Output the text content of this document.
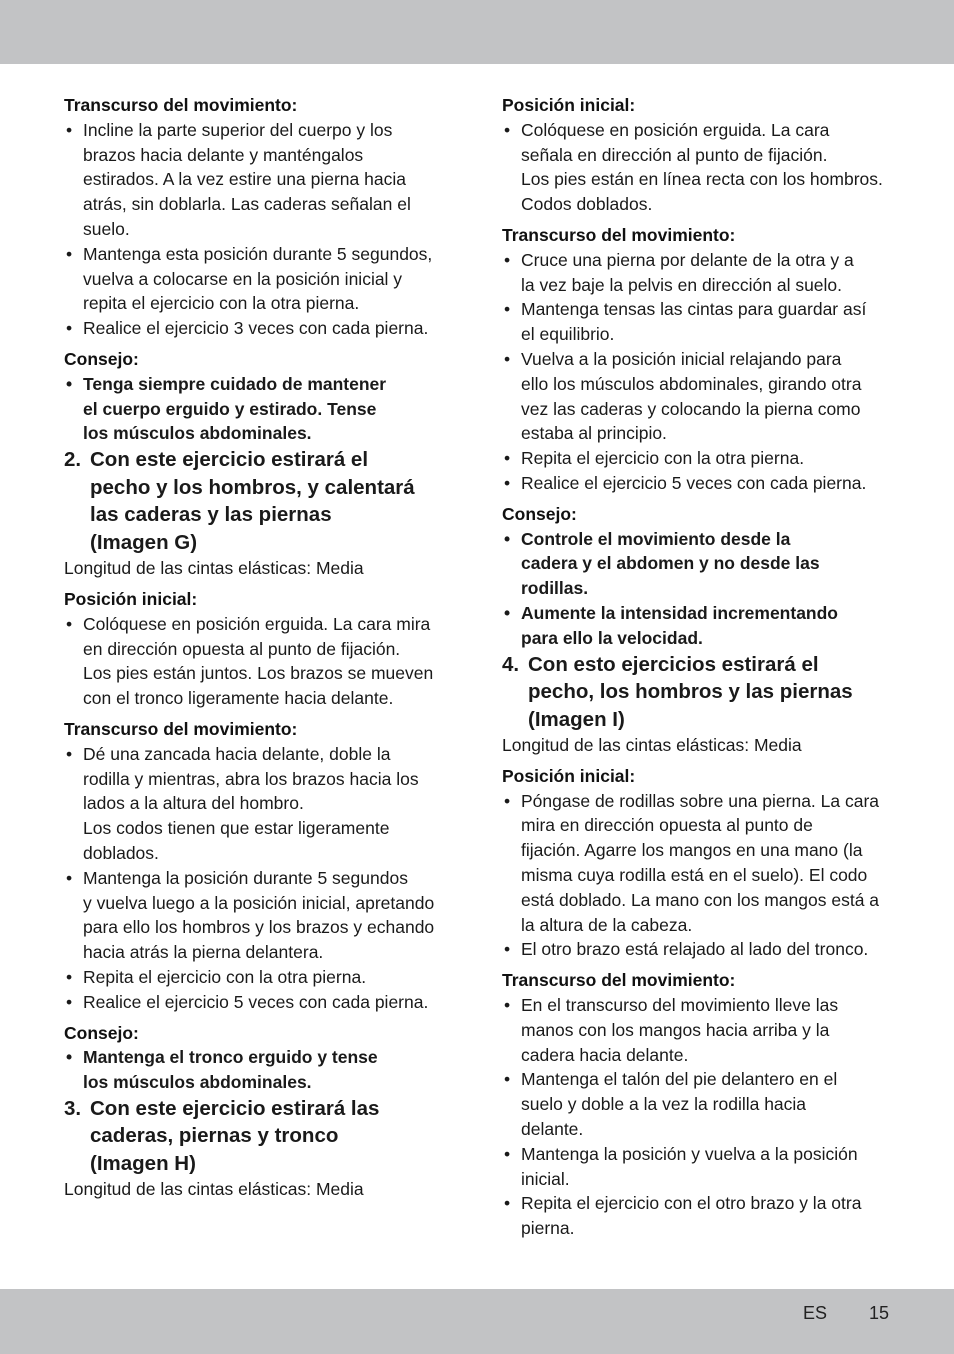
Transcurso del movimiento:

• Incline la parte superior del cuerpo y los
brazos hacia delante y manténgalos
estirados. A la vez estire una pierna hacia
atrás, sin doblarla. Las caderas señalan el
suelo.
• Mantenga esta posición durante 5 segundos,
vuelva a colocarse en la posición inicial y
repita el ejercicio con la otra pierna.
• Realice el ejercicio 3 veces con cada pierna.

Consejo:

• Tenga siempre cuidado de mantener
el cuerpo erguido y estirado. Tense
los músculos abdominales.

2. Con este ejercicio estirará el
pecho y los hombros, y calentará
las caderas y las piernas
(Imagen G)

Longitud de las cintas elásticas: Media

Posición inicial:

• Colóquese en posición erguida. La cara mira
en dirección opuesta al punto de fijación.
Los pies están juntos. Los brazos se mueven
con el tronco ligeramente hacia delante.

Transcurso del movimiento:

• Dé una zancada hacia delante, doble la
rodilla y mientras, abra los brazos hacia los
lados a la altura del hombro.
Los codos tienen que estar ligeramente
doblados.
• Mantenga la posición durante 5 segundos
y vuelva luego a la posición inicial, apretando
para ello los hombros y los brazos y echando
hacia atrás la pierna delantera.
• Repita el ejercicio con la otra pierna.
• Realice el ejercicio 5 veces con cada pierna.

Consejo:

• Mantenga el tronco erguido y tense
los músculos abdominales.

3. Con este ejercicio estirará las
caderas, piernas y tronco
(Imagen H)

Longitud de las cintas elásticas: Media

Posición inicial:

• Colóquese en posición erguida. La cara
señala en dirección al punto de fijación.
Los pies están en línea recta con los hombros.
Codos doblados.

Transcurso del movimiento:

• Cruce una pierna por delante de la otra y a
la vez baje la pelvis en dirección al suelo.
• Mantenga tensas las cintas para guardar así
el equilibrio.
• Vuelva a la posición inicial relajando para
ello los músculos abdominales, girando otra
vez las caderas y colocando la pierna como
estaba al principio.
• Repita el ejercicio con la otra pierna.
• Realice el ejercicio 5 veces con cada pierna.

Consejo:

• Controle el movimiento desde la
cadera y el abdomen y no desde las
rodillas.
• Aumente la intensidad incrementando
para ello la velocidad.

4. Con esto ejercicios estirará el
pecho, los hombros y las piernas
(Imagen I)

Longitud de las cintas elásticas: Media

Posición inicial:

• Póngase de rodillas sobre una pierna. La cara
mira en dirección opuesta al punto de
fijación. Agarre los mangos en una mano (la
misma cuya rodilla está en el suelo). El codo
está doblado. La mano con los mangos está a
la altura de la cabeza.
• El otro brazo está relajado al lado del tronco.

Transcurso del movimiento:

• En el transcurso del movimiento lleve las
manos con los mangos hacia arriba y la
cadera hacia delante.
• Mantenga el talón del pie delantero en el
suelo y doble a la vez la rodilla hacia
delante.
• Mantenga la posición y vuelva a la posición
inicial.
• Repita el ejercicio con el otro brazo y la otra
pierna.
ES 15
